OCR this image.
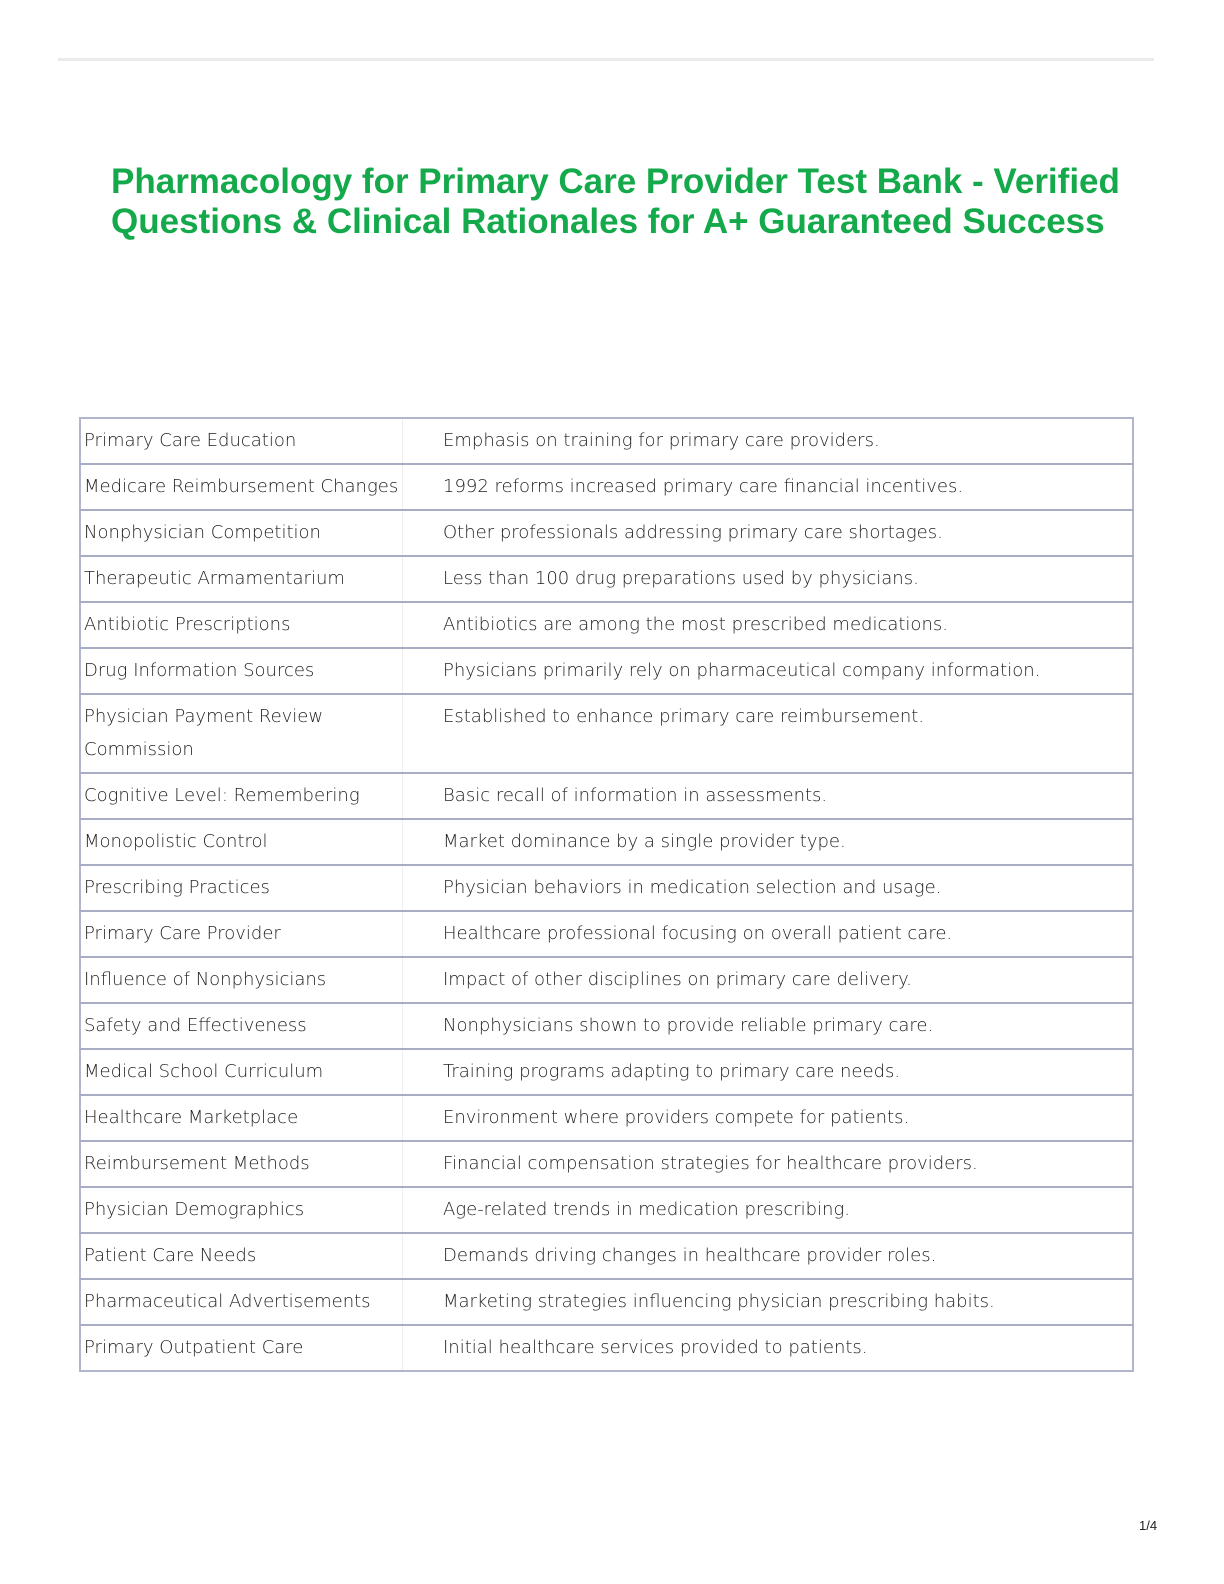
Pharmacology for Primary Care Provider Test Bank - Verified Questions & Clinical Rationales for A+ Guaranteed Success
Primary Care Education	Emphasis on training for primary care providers.
Medicare Reimbursement Changes	1992 reforms increased primary care financial incentives.
Nonphysician Competition	Other professionals addressing primary care shortages.
Therapeutic Armamentarium	Less than 100 drug preparations used by physicians.
Antibiotic Prescriptions	Antibiotics are among the most prescribed medications.
Drug Information Sources	Physicians primarily rely on pharmaceutical company information.
Physician Payment Review Commission	Established to enhance primary care reimbursement.
Cognitive Level: Remembering	Basic recall of information in assessments.
Monopolistic Control	Market dominance by a single provider type.
Prescribing Practices	Physician behaviors in medication selection and usage.
Primary Care Provider	Healthcare professional focusing on overall patient care.
Influence of Nonphysicians	Impact of other disciplines on primary care delivery.
Safety and Effectiveness	Nonphysicians shown to provide reliable primary care.
Medical School Curriculum	Training programs adapting to primary care needs.
Healthcare Marketplace	Environment where providers compete for patients.
Reimbursement Methods	Financial compensation strategies for healthcare providers.
Physician Demographics	Age-related trends in medication prescribing.
Patient Care Needs	Demands driving changes in healthcare provider roles.
Pharmaceutical Advertisements	Marketing strategies influencing physician prescribing habits.
Primary Outpatient Care	Initial healthcare services provided to patients.
1/4
